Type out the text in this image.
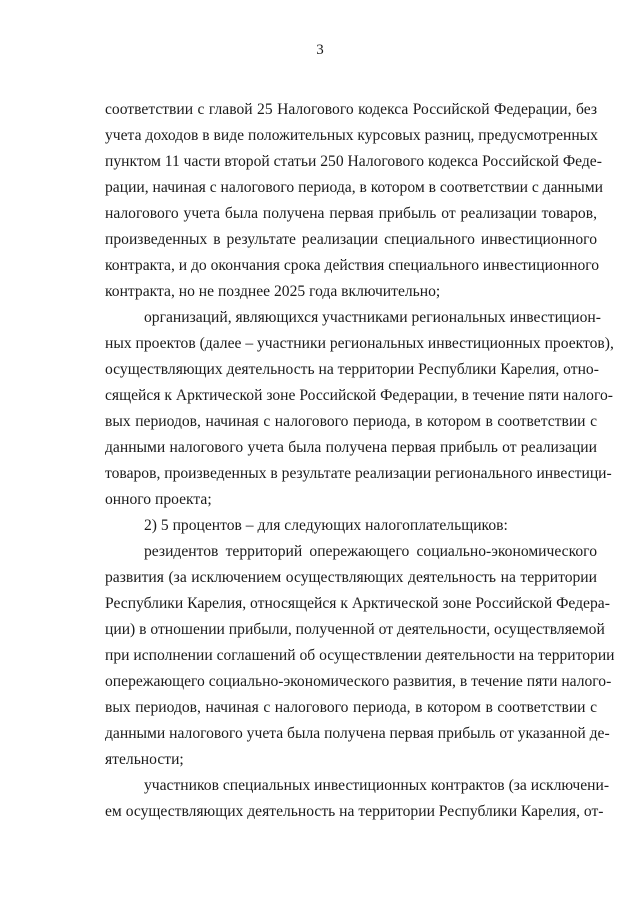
3
соответствии с главой 25 Налогового кодекса Российской Федерации, без
учета доходов в виде положительных курсовых разниц, предусмотренных
пунктом 11 части второй статьи 250 Налогового кодекса Российской Феде-
рации, начиная с налогового периода, в котором в соответствии с данными
налогового учета была получена первая прибыль от реализации товаров,
произведенных в результате реализации специального инвестиционного
контракта, и до окончания срока действия специального инвестиционного
контракта, но не позднее 2025 года включительно;
организаций, являющихся участниками региональных инвестицион-
ных проектов (далее – участники региональных инвестиционных проектов),
осуществляющих деятельность на территории Республики Карелия, отно-
сящейся к Арктической зоне Российской Федерации, в течение пяти налого-
вых периодов, начиная с налогового периода, в котором в соответствии с
данными налогового учета была получена первая прибыль от реализации
товаров, произведенных в результате реализации регионального инвестици-
онного проекта;
2) 5 процентов – для следующих налогоплательщиков:
резидентов территорий опережающего социально-экономического
развития (за исключением осуществляющих деятельность на территории
Республики Карелия, относящейся к Арктической зоне Российской Федера-
ции) в отношении прибыли, полученной от деятельности, осуществляемой
при исполнении соглашений об осуществлении деятельности на территории
опережающего социально-экономического развития, в течение пяти налого-
вых периодов, начиная с налогового периода, в котором в соответствии с
данными налогового учета была получена первая прибыль от указанной де-
ятельности;
участников специальных инвестиционных контрактов (за исключени-
ем осуществляющих деятельность на территории Республики Карелия, от-
